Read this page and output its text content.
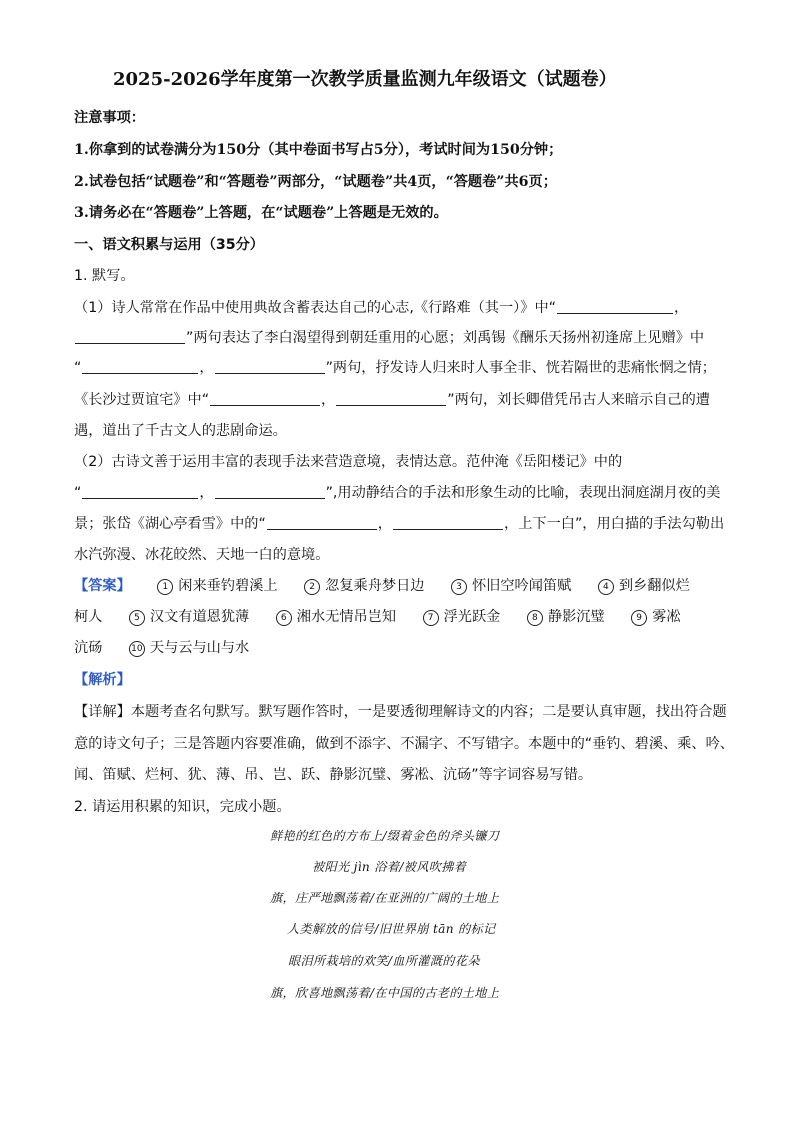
2025-2026学年度第一次教学质量监测九年级语文（试题卷）
注意事项：
1.你拿到的试卷满分为150分（其中卷面书写占5分），考试时间为150分钟；
2.试卷包括“试题卷”和“答题卷”两部分，“试题卷”共4页，“答题卷”共6页；
3.请务必在“答题卷”上答题，在“试题卷”上答题是无效的。
一、语文积累与运用（35分）
1. 默写。
（1）诗人常常在作品中使用典故含蓄表达自己的心志,《行路难（其一）》中“	，
”两句表达了李白渴望得到朝廷重用的心愿；刘禹锡《酬乐天扬州初逢席上见赠》中
“	，	”两句，抒发诗人归来时人事全非、恍若隔世的悲痛怅惘之情；
《长沙过贾谊宅》中“	，	”两句，刘长卿借凭吊古人来暗示自己的遭
遇，道出了千古文人的悲剧命运。
（2）古诗文善于运用丰富的表现手法来营造意境，表情达意。范仲淹《岳阳楼记》中的
“	，	”,用动静结合的手法和形象生动的比喻，表现出洞庭湖月夜的美
景；张岱《湖心亭看雪》中的“	，	，上下一白”，用白描的手法勾勒出
水汽弥漫、冰花皎然、天地一白的意境。
【答案】	1 闲来垂钓碧溪上	2 忽复乘舟梦日边	3 怀旧空吟闻笛赋	4 到乡翻似烂
柯人	5 汉文有道恩犹薄	6 湘水无情吊岂知	7 浮光跃金	8 静影沉璧	9 雾凇
沆砀	10 天与云与山与水
【解析】
【详解】本题考查名句默写。默写题作答时，一是要透彻理解诗文的内容；二是要认真审题，找出符合题
意的诗文句子；三是答题内容要准确，做到不添字、不漏字、不写错字。本题中的“垂钓、碧溪、乘、吟、
闻、笛赋、烂柯、犹、薄、吊、岂、跃、静影沉璧、雾凇、沆砀”等字词容易写错。
2. 请运用积累的知识，完成小题。
鲜艳的红色的方布上/缀着金色的斧头镰刀
被阳光 jìn 浴着/被风吹拂着
旗，庄严地飘荡着/在亚洲的广阔的土地上
人类解放的信号/旧世界崩 tān 的标记
眼泪所栽培的欢笑/血所灌溉的花朵
旗，欣喜地飘荡着/在中国的古老的土地上
